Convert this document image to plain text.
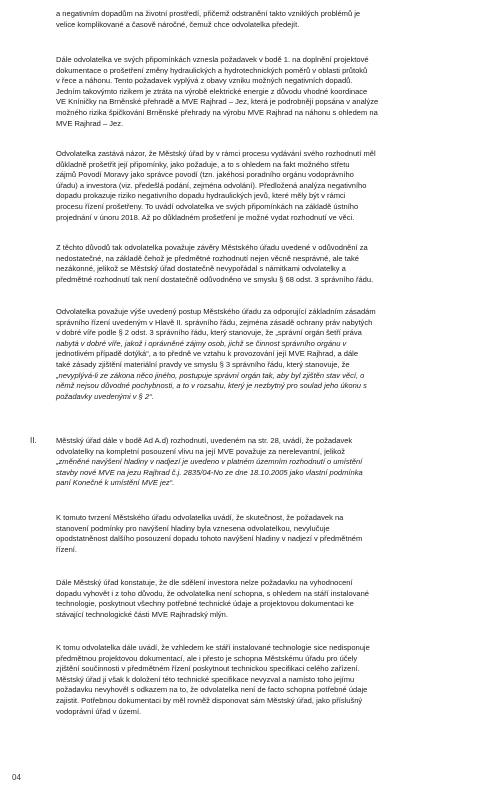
a negativním dopadům na životní prostředí, přičemž odstranění takto vzniklých problémů je
velice komplikované a časově náročné, čemuž chce odvolatelka předejít.
Dále odvolatelka ve svých připomínkách vznesla požadavek v bodě 1. na doplnění projektové
dokumentace o prošetření změny hydraulických a hydrotechnických poměrů v oblasti průtoků
v řece a náhonu. Tento požadavek vyplývá z obavy vzniku možných negativních dopadů.
Jedním takovýmto rizikem je ztráta na výrobě elektrické energie z důvodu vhodné koordinace
VE Kníničky na Brněnské přehradě a MVE Rajhrad – Jez, která je podrobněji popsána v analýze
možného rizika špičkování Brněnské přehrady na výrobu MVE Rajhrad na náhonu s ohledem na
MVE Rajhrad – Jez.
Odvolatelka zastává názor, že Městský úřad by v rámci procesu vydávání svého rozhodnutí měl
důkladně prošetřit její připomínky, jako požaduje, a to s ohledem na fakt možného střetu
zájmů Povodí Moravy jako správce povodí (tzn. jakéhosi poradního orgánu vodoprávního
úřadu) a investora (viz. předešlá podání, zejména odvolání). Předložená analýza negativního
dopadu prokazuje riziko negativního dopadu hydraulických jevů, které měly být v rámci
procesu řízení prošetřeny. To uvádí odvolatelka ve svých připomínkách na základě ústního
projednání v únoru 2018. Až po důkladném prošetření je možné vydat rozhodnutí ve věci.
Z těchto důvodů tak odvolatelka považuje závěry Městského úřadu uvedené v odůvodnění za
nedostatečné, na základě čehož je předmětné rozhodnutí nejen věcně nesprávné, ale také
nezákonné, jelikož se Městský úřad dostatečně nevypořádal s námitkami odvolatelky a
předmětné rozhodnutí tak není dostatečně odůvodněno ve smyslu § 68 odst. 3 správního řádu.
Odvolatelka považuje výše uvedený postup Městského úřadu za odporující základním zásadám
správního řízení uvedeným v Hlavě II. správního řádu, zejména zásadě ochrany práv nabytých
v dobré víře podle § 2 odst. 3 správního řádu, který stanovuje, že „správní orgán šetří práva
nabytá v dobré víře, jakož i oprávněné zájmy osob, jichž se činnost správního orgánu v
jednotlivém případě dotýká“, a to předně ve vztahu k provozování její MVE Rajhrad, a dále
také zásady zjištění materiální pravdy ve smyslu § 3 správního řádu, který stanovuje, že
„nevyplývá-li ze zákona něco jiného, postupuje správní orgán tak, aby byl zjištěn stav věcí, o
němž nejsou důvodné pochybnosti, a to v rozsahu, který je nezbytný pro soulad jeho úkonu s
požadavky uvedenými v § 2“.
II.	Městský úřad dále v bodě Ad A.d) rozhodnutí, uvedeném na str. 28, uvádí, že požadavek
odvolatelky na kompletní posouzení vlivu na její MVE považuje za nerelevantní, jelikož
„změněné navýšení hladiny v nadjezí je uvedeno v platném územním rozhodnutí o umístění
stavby nové MVE na jezu Rajhrad č.j. 2835/04-No ze dne 18.10.2005 jako vlastní podmínka
paní Konečné k umístění MVE jez“.
K tomuto tvrzení Městského úřadu odvolatelka uvádí, že skutečnost, že požadavek na
stanovení podmínky pro navýšení hladiny byla vznesena odvolatelkou, nevylučuje
opodstatněnost dalšího posouzení dopadu tohoto navýšení hladiny v nadjezí v předmětném
řízení.
Dále Městský úřad konstatuje, že dle sdělení investora nelze požadavku na vyhodnocení
dopadu vyhovět i z toho důvodu, že odvolatelka není schopna, s ohledem na stáří instalované
technologie, poskytnout všechny potřebné technické údaje a projektovou dokumentaci ke
stávající technologické části MVE Rajhradský mlýn.
K tomu odvolatelka dále uvádí, že vzhledem ke stáří instalované technologie sice nedisponuje
předmětnou projektovou dokumentací, ale i přesto je schopna Městskému úřadu pro účely
zjištění součinnosti v předmětném řízení poskytnout technickou specifikaci celého zařízení.
Městský úřad ji však k doložení této technické specifikace nevyzval a namísto toho jejímu
požadavku nevyhověl s odkazem na to, že odvolatelka není de facto schopna potřebné údaje
zajistit. Potřebnou dokumentaci by měl rovněž disponovat sám Městský úřad, jako příslušný
vodoprávní úřad v území.
04
